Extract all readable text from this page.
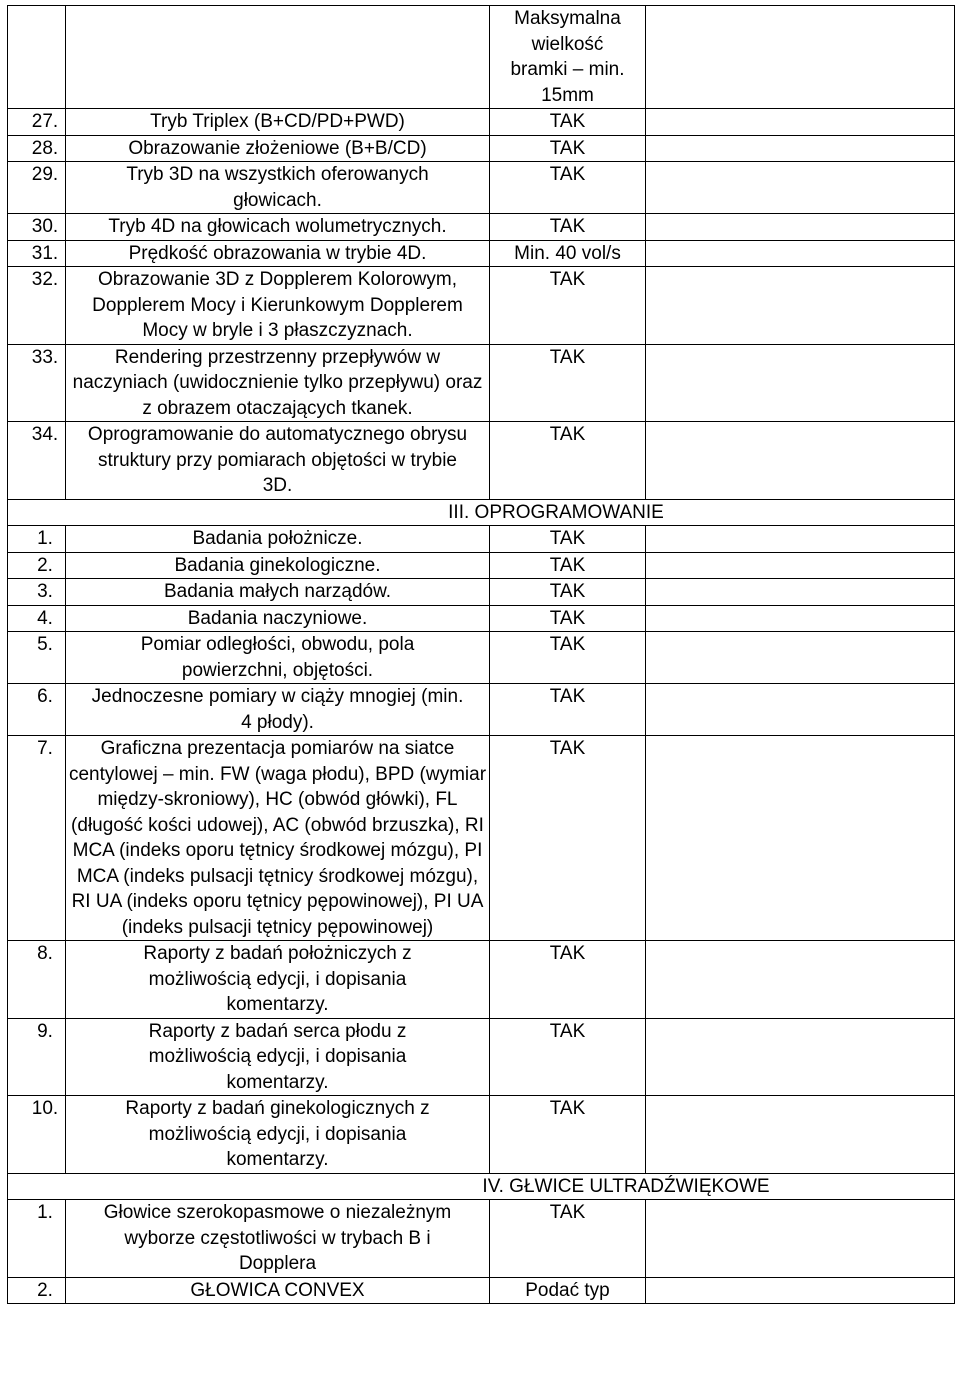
		Maksymalna wielkość bramki – min. 15mm	
27.	Tryb Triplex (B+CD/PD+PWD)	TAK	
28.	Obrazowanie złożeniowe (B+B/CD)	TAK	
29.	Tryb 3D na wszystkich oferowanych głowicach.	TAK	
30.	Tryb 4D na głowicach wolumetrycznych.	TAK	
31.	Prędkość obrazowania w trybie 4D.	Min. 40 vol/s	
32.	Obrazowanie 3D z Dopplerem Kolorowym, Dopplerem Mocy i Kierunkowym Dopplerem Mocy w bryle i 3 płaszczyznach.	TAK	
33.	Rendering przestrzenny przepływów w naczyniach (uwidocznienie tylko przepływu) oraz z obrazem otaczających tkanek.	TAK	
34.	Oprogramowanie do automatycznego obrysu struktury przy pomiarach objętości w trybie 3D.	TAK	
III. OPROGRAMOWANIE			
1.	Badania położnicze.	TAK	
2.	Badania ginekologiczne.	TAK	
3.	Badania małych narządów.	TAK	
4.	Badania naczyniowe.	TAK	
5.	Pomiar odległości, obwodu, pola powierzchni, objętości.	TAK	
6.	Jednoczesne pomiary w ciąży mnogiej (min. 4 płody).	TAK	
7.	Graficzna prezentacja pomiarów na siatce centylowej – min. FW (waga płodu), BPD (wymiar między-skroniowy), HC (obwód główki), FL (długość kości udowej), AC (obwód brzuszka), RI MCA (indeks oporu tętnicy środkowej mózgu), PI MCA (indeks pulsacji tętnicy środkowej mózgu), RI UA (indeks oporu tętnicy pępowinowej), PI UA (indeks pulsacji tętnicy pępowinowej)	TAK	
8.	Raporty z badań położniczych z możliwością edycji, i dopisania komentarzy.	TAK	
9.	Raporty z badań serca płodu z możliwością edycji, i dopisania komentarzy.	TAK	
10.	Raporty z badań ginekologicznych z możliwością edycji, i dopisania komentarzy.	TAK	
IV. GŁWICE ULTRADŹWIĘKOWE			
1.	Głowice szerokopasmowe o niezależnym wyborze częstotliwości w trybach B i Dopplera	TAK	
2.	GŁOWICA CONVEX	Podać typ	
